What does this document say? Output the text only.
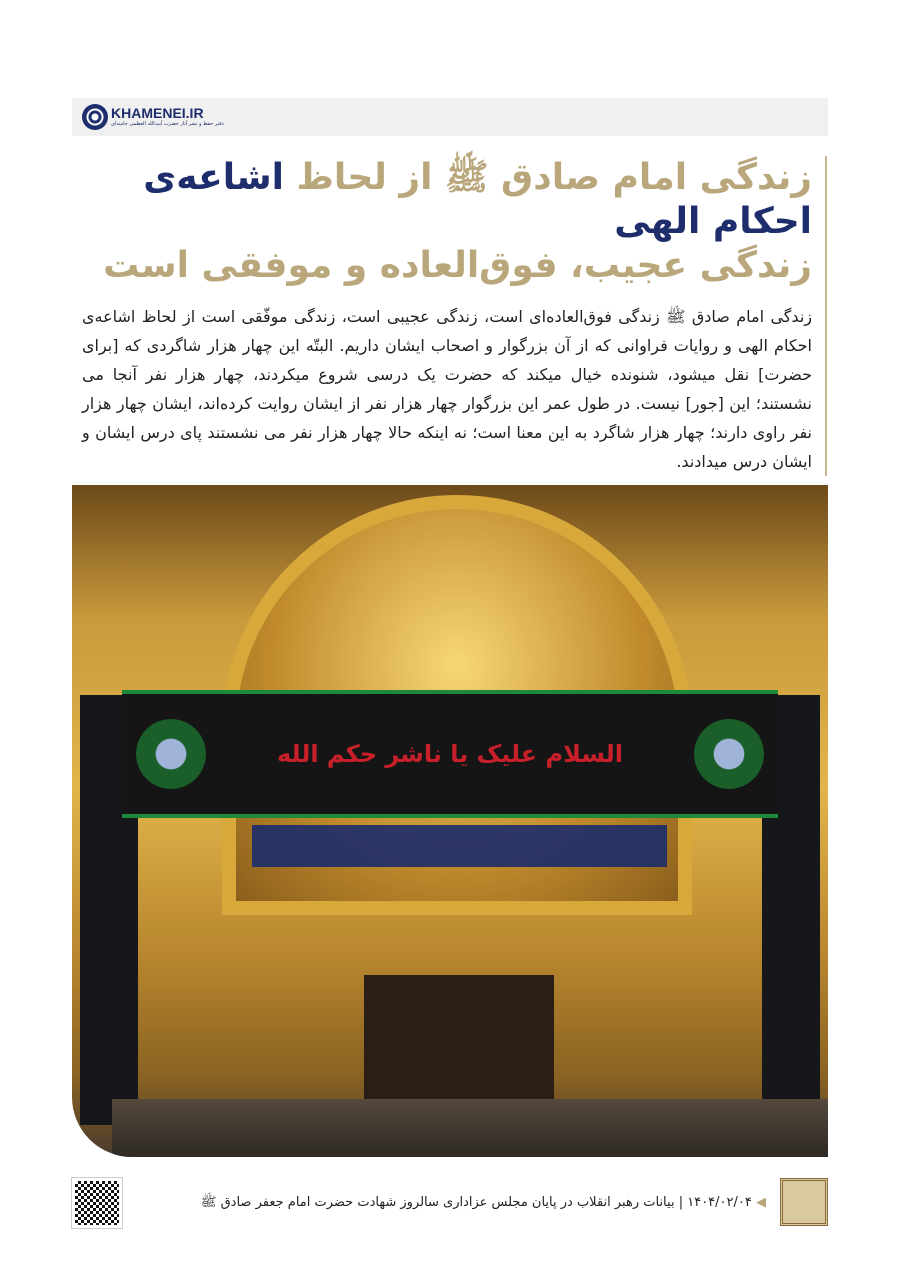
KHAMENEI.IR
دفتر حفظ و نشر آثار حضرت آیت‌الله العظمی خامنه‌ای
زندگی امام صادق ﷺ از لحاظ اشاعه‌ی احکام الهی
زندگی عجیب، فوق‌العاده و موفقی است
زندگی امام صادق ﷺ زندگی فوق‌العاده‌ای است، زندگی عجیبی است، زندگی موفّقی است از لحاظ اشاعه‌ی احکام الهی و روایات فراوانی که از آن بزرگوار و اصحاب ایشان داریم. البتّه این چهار هزار شاگردی که [برای حضرت] نقل میشود، شنونده خیال میکند که حضرت یک درسی شروع میکردند، چهار هزار نفر آنجا می نشستند؛ این [جور] نیست. در طول عمر این بزرگوار چهار هزار نفر از ایشان روایت کرده‌اند، ایشان چهار هزار نفر راوی دارند؛ چهار هزار شاگرد به این معنا است؛ نه اینکه حالا چهار هزار نفر می نشستند پای درس ایشان و ایشان درس میدادند.
السلام علیک یا ناشر حکم الله
◀ ۱۴۰۴/۰۲/۰۴ | بیانات رهبر انقلاب در پایان مجلس عزاداری سالروز شهادت حضرت امام جعفر صادق ﷺ
